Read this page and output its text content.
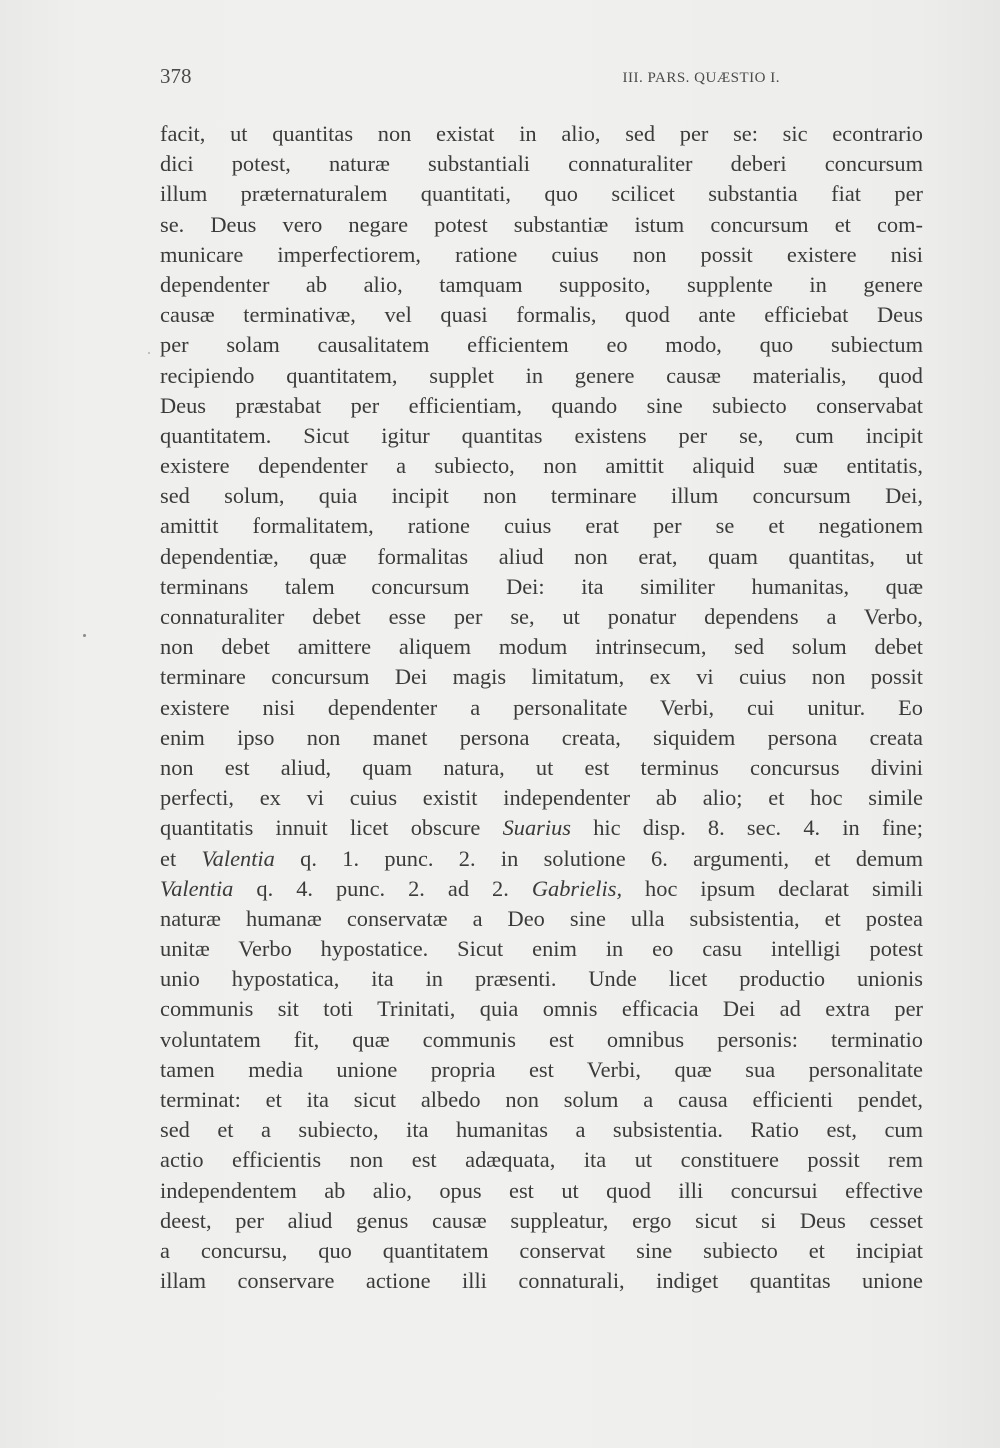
378	III. PARS. QUÆSTIO I.
facit, ut quantitas non existat in alio, sed per se: sic econtrario
dici potest, naturæ substantiali connaturaliter deberi concursum
illum præternaturalem quantitati, quo scilicet substantia fiat per
se. Deus vero negare potest substantiæ istum concursum et com-
municare imperfectiorem, ratione cuius non possit existere nisi
dependenter ab alio, tamquam supposito, supplente in genere
causæ terminativæ, vel quasi formalis, quod ante efficiebat Deus
per solam causalitatem efficientem eo modo, quo subiectum
recipiendo quantitatem, supplet in genere causæ materialis, quod
Deus præstabat per efficientiam, quando sine subiecto conservabat
quantitatem. Sicut igitur quantitas existens per se, cum incipit
existere dependenter a subiecto, non amittit aliquid suæ entitatis,
sed solum, quia incipit non terminare illum concursum Dei,
amittit formalitatem, ratione cuius erat per se et negationem
dependentiæ, quæ formalitas aliud non erat, quam quantitas, ut
terminans talem concursum Dei: ita similiter humanitas, quæ
connaturaliter debet esse per se, ut ponatur dependens a Verbo,
non debet amittere aliquem modum intrinsecum, sed solum debet
terminare concursum Dei magis limitatum, ex vi cuius non possit
existere nisi dependenter a personalitate Verbi, cui unitur. Eo
enim ipso non manet persona creata, siquidem persona creata
non est aliud, quam natura, ut est terminus concursus divini
perfecti, ex vi cuius existit independenter ab alio; et hoc simile
quantitatis innuit licet obscure Suarius hic disp. 8. sec. 4. in fine;
et Valentia q. 1. punc. 2. in solutione 6. argumenti, et demum
Valentia q. 4. punc. 2. ad 2. Gabrielis, hoc ipsum declarat simili
naturæ humanæ conservatæ a Deo sine ulla subsistentia, et postea
unitæ Verbo hypostatice. Sicut enim in eo casu intelligi potest
unio hypostatica, ita in præsenti. Unde licet productio unionis
communis sit toti Trinitati, quia omnis efficacia Dei ad extra per
voluntatem fit, quæ communis est omnibus personis: terminatio
tamen media unione propria est Verbi, quæ sua personalitate
terminat: et ita sicut albedo non solum a causa efficienti pendet,
sed et a subiecto, ita humanitas a subsistentia. Ratio est, cum
actio efficientis non est adæquata, ita ut constituere possit rem
independentem ab alio, opus est ut quod illi concursui effective
deest, per aliud genus causæ suppleatur, ergo sicut si Deus cesset
a concursu, quo quantitatem conservat sine subiecto et incipiat
illam conservare actione illi connaturali, indiget quantitas unione
